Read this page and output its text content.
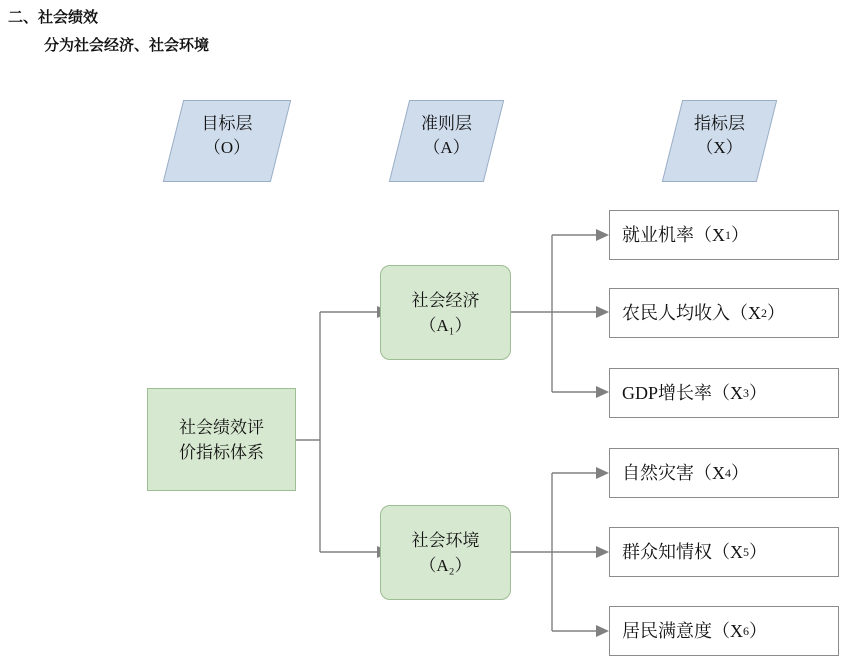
二、社会绩效
分为社会经济、社会环境
目标层
（O）
准则层
（A）
指标层
（X）
社会绩效评
价指标体系
社会经济
（A₁）
社会环境
（A₂）
就业机率（X 1 ）
农民人均收入（X 2 ）
GDP增长率（X 3 ）
自然灾害（X 4 ）
群众知情权（X 5 ）
居民满意度（X 6 ）
